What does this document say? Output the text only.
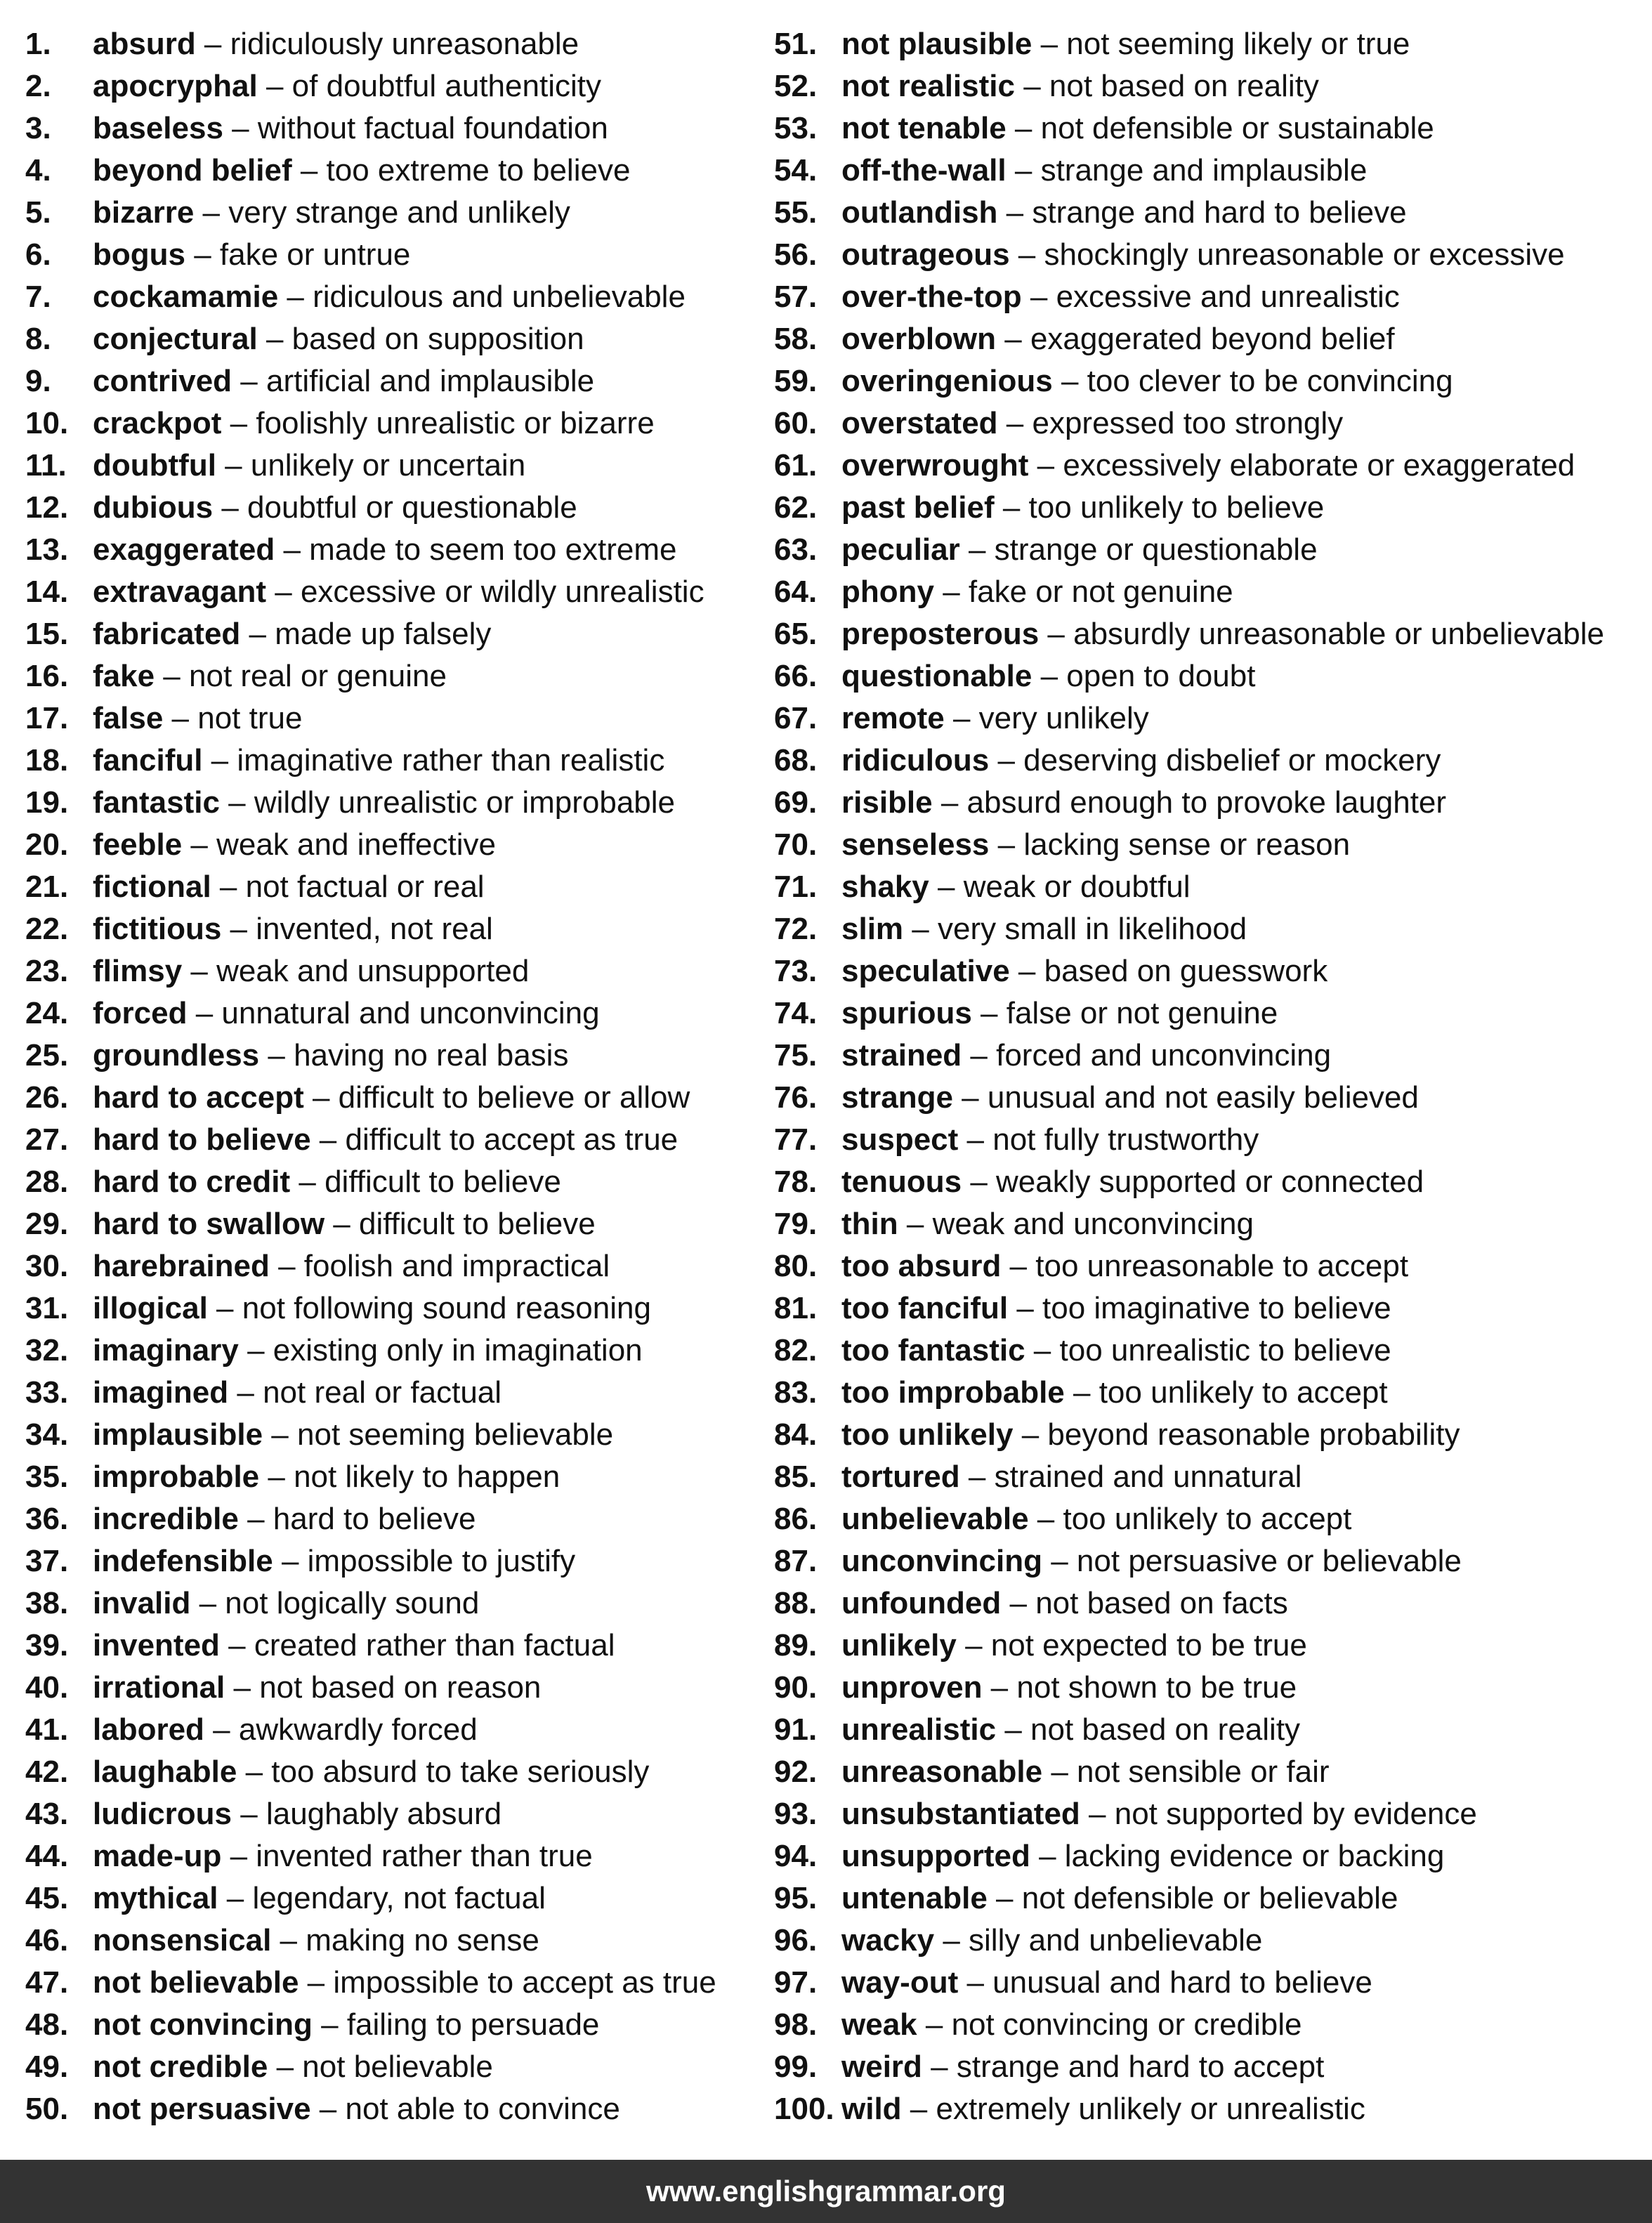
1. absurd – ridiculously unreasonable
2. apocryphal – of doubtful authenticity
3. baseless – without factual foundation
4. beyond belief – too extreme to believe
5. bizarre – very strange and unlikely
6. bogus – fake or untrue
7. cockamamie – ridiculous and unbelievable
8. conjectural – based on supposition
9. contrived – artificial and implausible
10. crackpot – foolishly unrealistic or bizarre
11. doubtful – unlikely or uncertain
12. dubious – doubtful or questionable
13. exaggerated – made to seem too extreme
14. extravagant – excessive or wildly unrealistic
15. fabricated – made up falsely
16. fake – not real or genuine
17. false – not true
18. fanciful – imaginative rather than realistic
19. fantastic – wildly unrealistic or improbable
20. feeble – weak and ineffective
21. fictional – not factual or real
22. fictitious – invented, not real
23. flimsy – weak and unsupported
24. forced – unnatural and unconvincing
25. groundless – having no real basis
26. hard to accept – difficult to believe or allow
27. hard to believe – difficult to accept as true
28. hard to credit – difficult to believe
29. hard to swallow – difficult to believe
30. harebrained – foolish and impractical
31. illogical – not following sound reasoning
32. imaginary – existing only in imagination
33. imagined – not real or factual
34. implausible – not seeming believable
35. improbable – not likely to happen
36. incredible – hard to believe
37. indefensible – impossible to justify
38. invalid – not logically sound
39. invented – created rather than factual
40. irrational – not based on reason
41. labored – awkwardly forced
42. laughable – too absurd to take seriously
43. ludicrous – laughably absurd
44. made-up – invented rather than true
45. mythical – legendary, not factual
46. nonsensical – making no sense
47. not believable – impossible to accept as true
48. not convincing – failing to persuade
49. not credible – not believable
50. not persuasive – not able to convince
51. not plausible – not seeming likely or true
52. not realistic – not based on reality
53. not tenable – not defensible or sustainable
54. off-the-wall – strange and implausible
55. outlandish – strange and hard to believe
56. outrageous – shockingly unreasonable or excessive
57. over-the-top – excessive and unrealistic
58. overblown – exaggerated beyond belief
59. overingenious – too clever to be convincing
60. overstated – expressed too strongly
61. overwrought – excessively elaborate or exaggerated
62. past belief – too unlikely to believe
63. peculiar – strange or questionable
64. phony – fake or not genuine
65. preposterous – absurdly unreasonable or unbelievable
66. questionable – open to doubt
67. remote – very unlikely
68. ridiculous – deserving disbelief or mockery
69. risible – absurd enough to provoke laughter
70. senseless – lacking sense or reason
71. shaky – weak or doubtful
72. slim – very small in likelihood
73. speculative – based on guesswork
74. spurious – false or not genuine
75. strained – forced and unconvincing
76. strange – unusual and not easily believed
77. suspect – not fully trustworthy
78. tenuous – weakly supported or connected
79. thin – weak and unconvincing
80. too absurd – too unreasonable to accept
81. too fanciful – too imaginative to believe
82. too fantastic – too unrealistic to believe
83. too improbable – too unlikely to accept
84. too unlikely – beyond reasonable probability
85. tortured – strained and unnatural
86. unbelievable – too unlikely to accept
87. unconvincing – not persuasive or believable
88. unfounded – not based on facts
89. unlikely – not expected to be true
90. unproven – not shown to be true
91. unrealistic – not based on reality
92. unreasonable – not sensible or fair
93. unsubstantiated – not supported by evidence
94. unsupported – lacking evidence or backing
95. untenable – not defensible or believable
96. wacky – silly and unbelievable
97. way-out – unusual and hard to believe
98. weak – not convincing or credible
99. weird – strange and hard to accept
100. wild – extremely unlikely or unrealistic
www.englishgrammar.org
